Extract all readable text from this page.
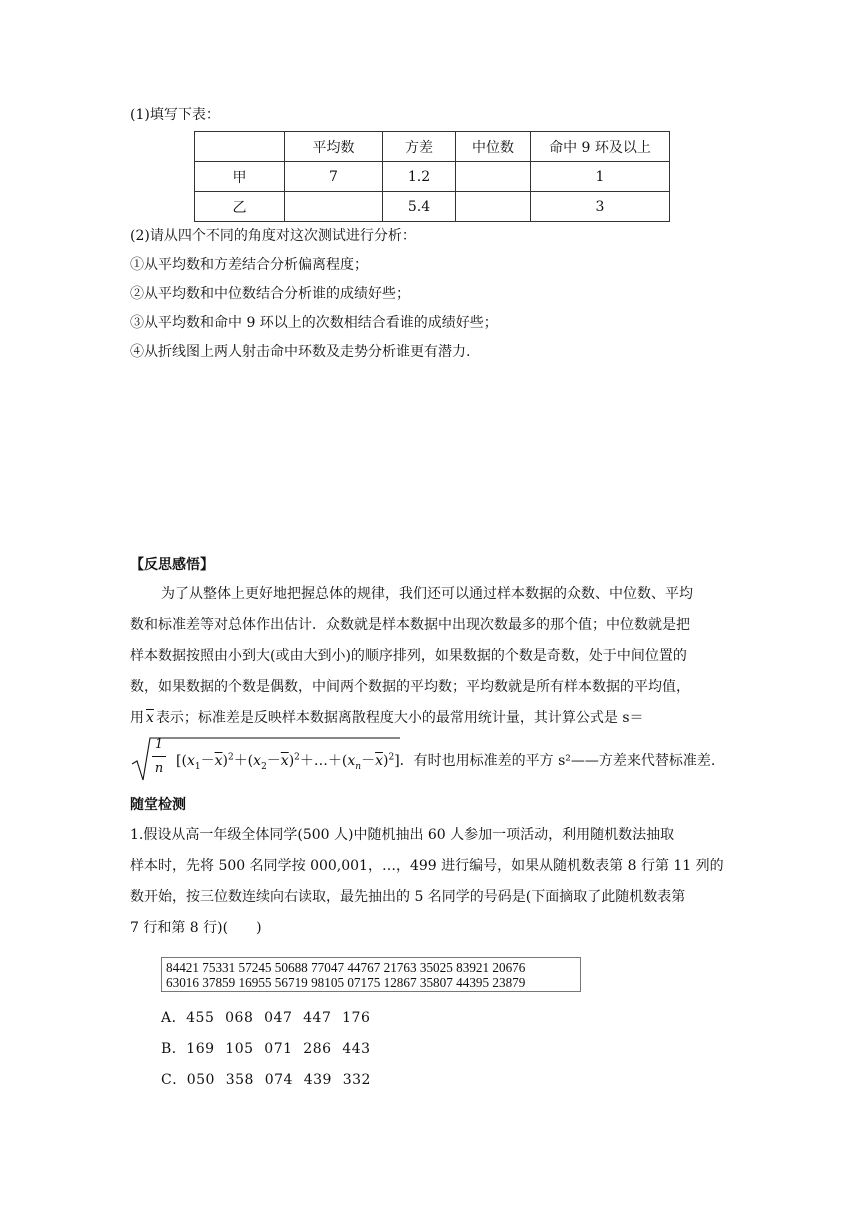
(1)填写下表：
	平均数	方差	中位数	命中 9 环及以上
甲	7	1.2		1
乙		5.4		3
(2)请从四个不同的角度对这次测试进行分析：
①从平均数和方差结合分析偏离程度；
②从平均数和中位数结合分析谁的成绩好些；
③从平均数和命中 9 环以上的次数相结合看谁的成绩好些；
④从折线图上两人射击命中环数及走势分析谁更有潜力.
【反思感悟】
为了从整体上更好地把握总体的规律，我们还可以通过样本数据的众数、中位数、平均
数和标准差等对总体作出估计．众数就是样本数据中出现次数最多的那个值；中位数就是把
样本数据按照由小到大(或由大到小)的顺序排列，如果数据的个数是奇数，处于中间位置的
数，如果数据的个数是偶数，中间两个数据的平均数；平均数就是所有样本数据的平均值，
用 $\overline{x}$ 表示；标准差是反映样本数据离散程度大小的最常用统计量，其计算公式是 s＝
1
n $[(x_1-\overline{x})^2+(x_2-\overline{x})^2+\dots+(x_n-\overline{x})^2]$．有时也用标准差的平方 s²——方差来代替标准差.
随堂检测
1.假设从高一年级全体同学(500 人)中随机抽出 60 人参加一项活动，利用随机数法抽取
样本时，先将 500 名同学按 000,001，…，499 进行编号，如果从随机数表第 8 行第 11 列的
数开始，按三位数连续向右读取，最先抽出的 5 名同学的号码是(下面摘取了此随机数表第
7 行和第 8 行)(　　)
84421 75331 57245 50688 77047 44767 21763 35025 83921 20676
63016 37859 16955 56719 98105 07175 12867 35807 44395 23879
A．455 068 047 447 176
B．169 105 071 286 443
C．050 358 074 439 332
